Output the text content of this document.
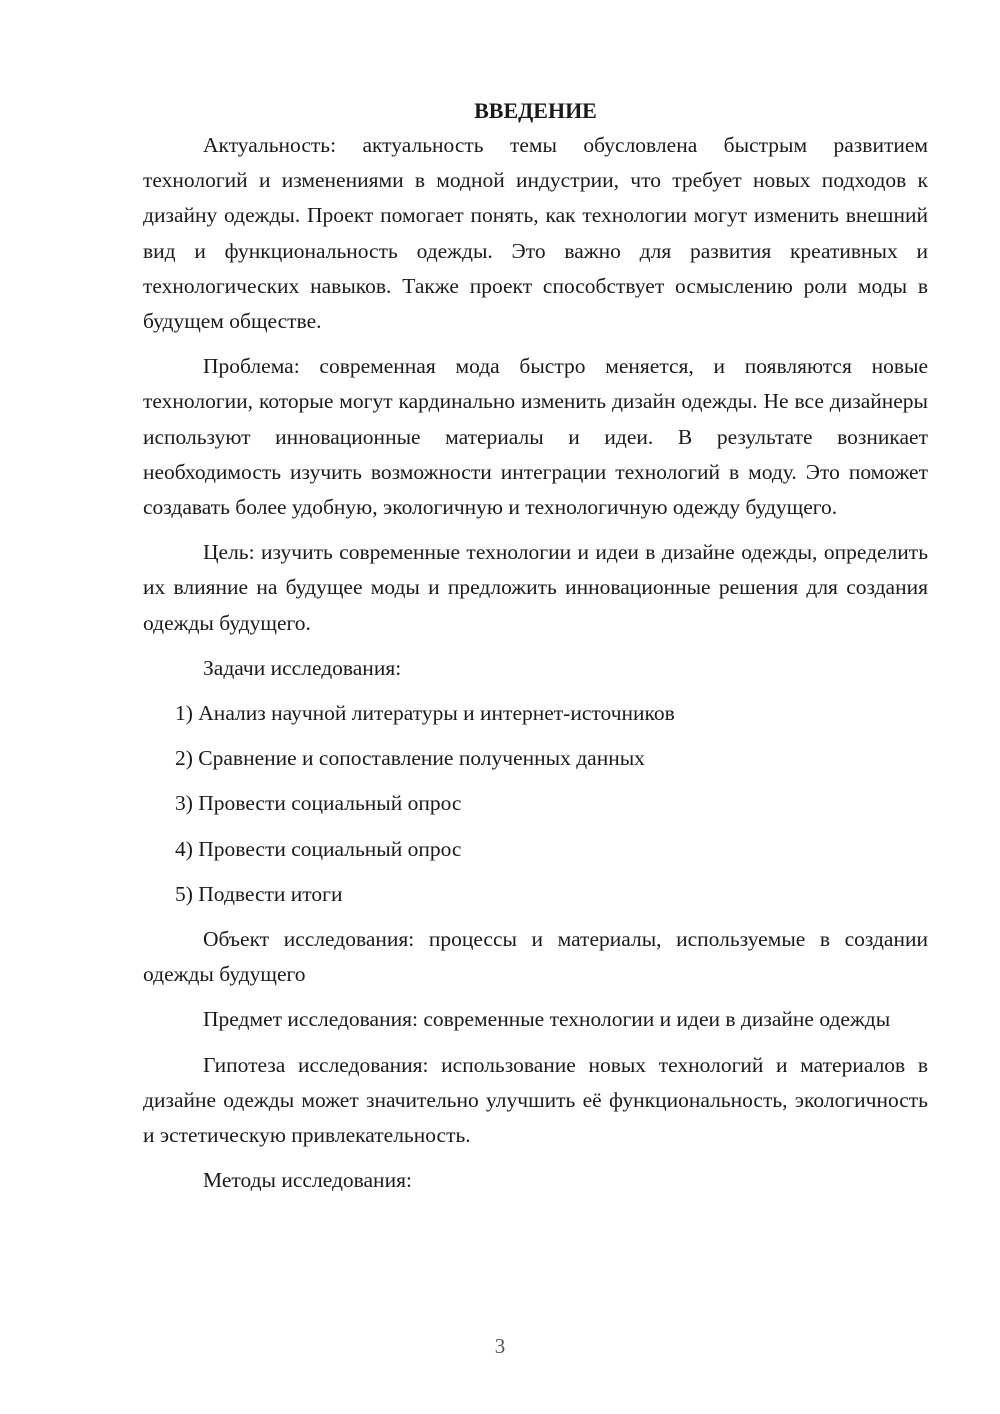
ВВЕДЕНИЕ

Актуальность: актуальность темы обусловлена быстрым развитием технологий и изменениями в модной индустрии, что требует новых подходов к дизайну одежды. Проект помогает понять, как технологии могут изменить внешний вид и функциональность одежды. Это важно для развития креативных и технологических навыков. Также проект способствует осмыслению роли моды в будущем обществе.

Проблема: современная мода быстро меняется, и появляются новые технологии, которые могут кардинально изменить дизайн одежды. Не все дизайнеры используют инновационные материалы и идеи. В результате возникает необходимость изучить возможности интеграции технологий в моду. Это поможет создавать более удобную, экологичную и технологичную одежду будущего.

Цель: изучить современные технологии и идеи в дизайне одежды, определить их влияние на будущее моды и предложить инновационные решения для создания одежды будущего.

Задачи исследования:

1) Анализ научной литературы и интернет-источников

2) Сравнение и сопоставление полученных данных

3) Провести социальный опрос

4) Провести социальный опрос

5) Подвести итоги

Объект исследования: процессы и материалы, используемые в создании одежды будущего

Предмет исследования: современные технологии и идеи в дизайне одежды

Гипотеза исследования: использование новых технологий и материалов в дизайне одежды может значительно улучшить её функциональность, экологичность и эстетическую привлекательность.

Методы исследования:

3
